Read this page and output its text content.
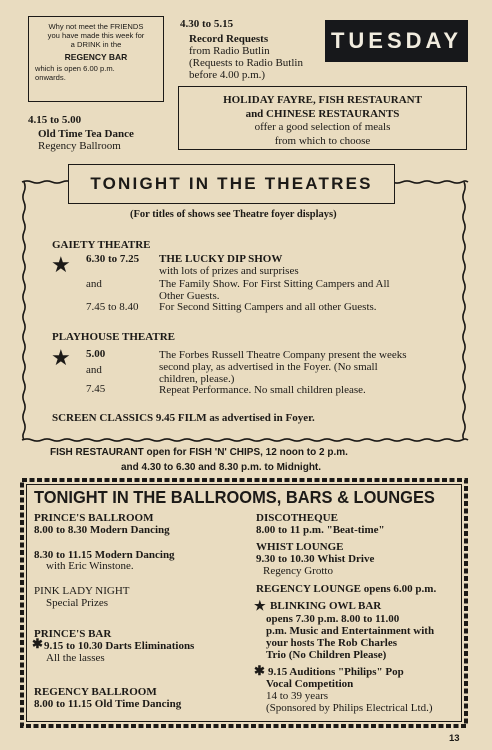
Why not meet the FRIENDS
you have made this week for
a DRINK in the
REGENCY BAR
which is open 6.00 p.m.
onwards.
4.30 to 5.15
Record Requests
from Radio Butlin
(Requests to Radio Butlin
before 4.00 p.m.)
TUESDAY
HOLIDAY FAYRE, FISH RESTAURANT
and CHINESE RESTAURANTS
offer a good selection of meals
from which to choose
4.15 to 5.00
Old Time Tea Dance
Regency Ballroom
TONIGHT IN THE THEATRES
(For titles of shows see Theatre foyer displays)
GAIETY THEATRE
★ 6.30 to 7.25 THE LUCKY DIP SHOW
with lots of prizes and surprises
and	The Family Show. For First Sitting Campers and All
Other Guests.
7.45 to 8.40 For Second Sitting Campers and all other Guests.
PLAYHOUSE THEATRE
★ 5.00	The Forbes Russell Theatre Company present the weeks
and	second play, as advertised in the Foyer. (No small
children, please.)
7.45	Repeat Performance. No small children please.
SCREEN CLASSICS 9.45 FILM as advertised in Foyer.
FISH RESTAURANT open for FISH 'N' CHIPS, 12 noon to 2 p.m.
and 4.30 to 6.30 and 8.30 p.m. to Midnight.
TONIGHT IN THE BALLROOMS, BARS & LOUNGES
PRINCE'S BALLROOM
8.00 to 8.30 Modern Dancing
8.30 to 11.15 Modern Dancing
with Eric Winstone.
PINK LADY NIGHT
Special Prizes
PRINCE'S BAR
✱ 9.15 to 10.30 Darts Eliminations
All the lasses
REGENCY BALLROOM
8.00 to 11.15 Old Time Dancing
DISCOTHEQUE
8.00 to 11 p.m. "Beat-time"
WHIST LOUNGE
9.30 to 10.30 Whist Drive
Regency Grotto
REGENCY LOUNGE opens 6.00 p.m.
★ BLINKING OWL BAR
opens 7.30 p.m. 8.00 to 11.00
p.m. Music and Entertainment with
your hosts The Rob Charles
Trio (No Children Please)
✱ 9.15 Auditions "Philips" Pop
Vocal Competition
14 to 39 years
(Sponsored by Philips Electrical Ltd.)
13
